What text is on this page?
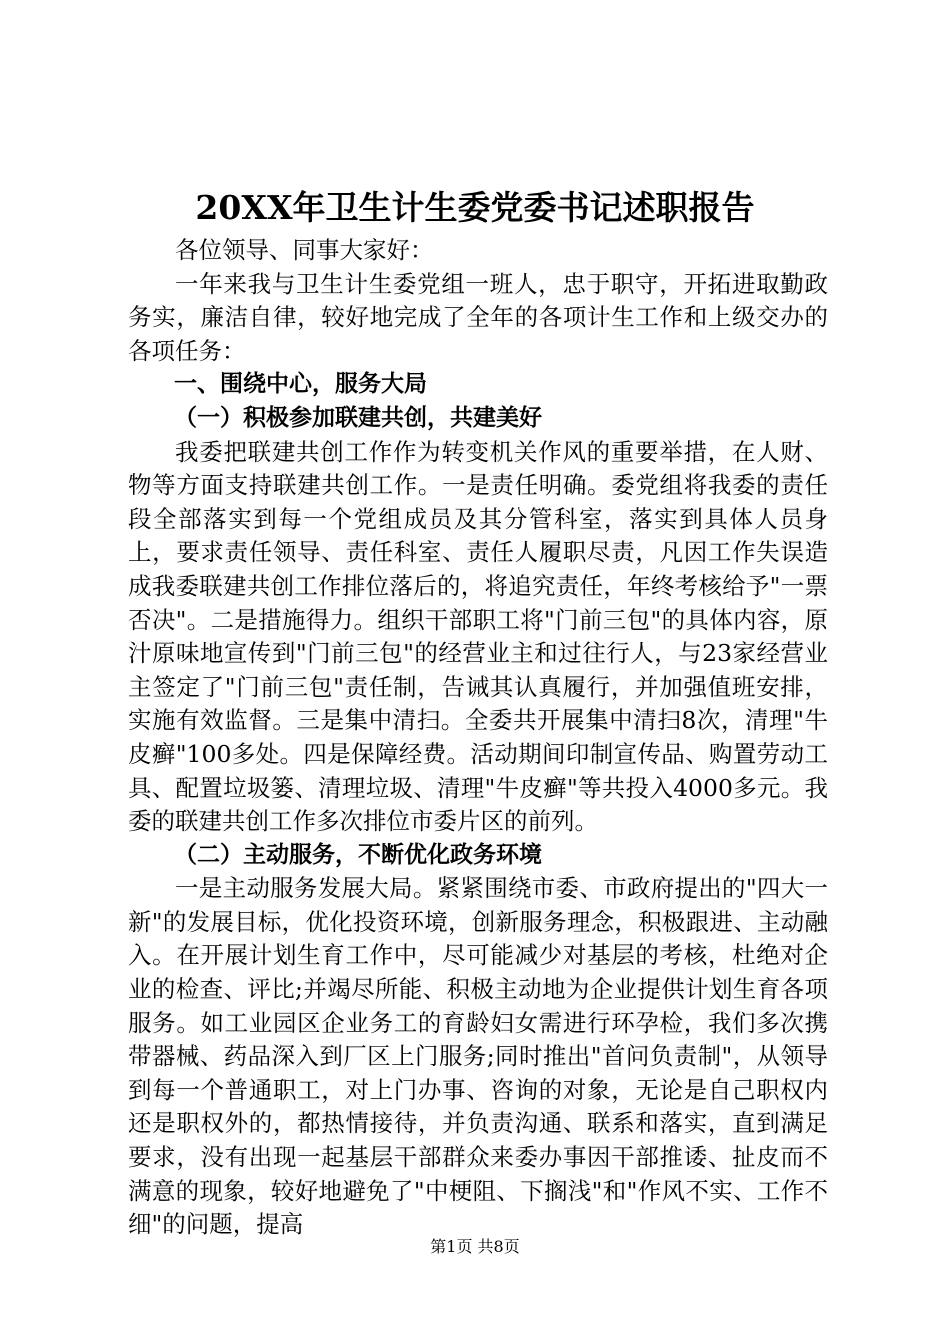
20XX年卫生计生委党委书记述职报告

各位领导、同事大家好：

一年来我与卫生计生委党组一班人，忠于职守，开拓进取勤政务实，廉洁自律，较好地完成了全年的各项计生工作和上级交办的各项任务：

一、围绕中心，服务大局

（一）积极参加联建共创，共建美好

我委把联建共创工作作为转变机关作风的重要举措，在人财、物等方面支持联建共创工作。一是责任明确。委党组将我委的责任段全部落实到每一个党组成员及其分管科室，落实到具体人员身上，要求责任领导、责任科室、责任人履职尽责，凡因工作失误造成我委联建共创工作排位落后的，将追究责任，年终考核给予"一票否决"。二是措施得力。组织干部职工将"门前三包"的具体内容，原汁原味地宣传到"门前三包"的经营业主和过往行人，与23家经营业主签定了"门前三包"责任制，告诫其认真履行，并加强值班安排，实施有效监督。三是集中清扫。全委共开展集中清扫8次，清理"牛皮癣"100多处。四是保障经费。活动期间印制宣传品、购置劳动工具、配置垃圾篓、清理垃圾、清理"牛皮癣"等共投入4000多元。我委的联建共创工作多次排位市委片区的前列。

（二）主动服务，不断优化政务环境

一是主动服务发展大局。紧紧围绕市委、市政府提出的"四大一新"的发展目标，优化投资环境，创新服务理念，积极跟进、主动融入。在开展计划生育工作中，尽可能减少对基层的考核，杜绝对企业的检查、评比;并竭尽所能、积极主动地为企业提供计划生育各项服务。如工业园区企业务工的育龄妇女需进行环孕检，我们多次携带器械、药品深入到厂区上门服务;同时推出"首问负责制"，从领导到每一个普通职工，对上门办事、咨询的对象，无论是自己职权内还是职权外的，都热情接待，并负责沟通、联系和落实，直到满足要求，没有出现一起基层干部群众来委办事因干部推诿、扯皮而不满意的现象，较好地避免了"中梗阻、下搁浅"和"作风不实、工作不细"的问题，提高

第1页 共8页
